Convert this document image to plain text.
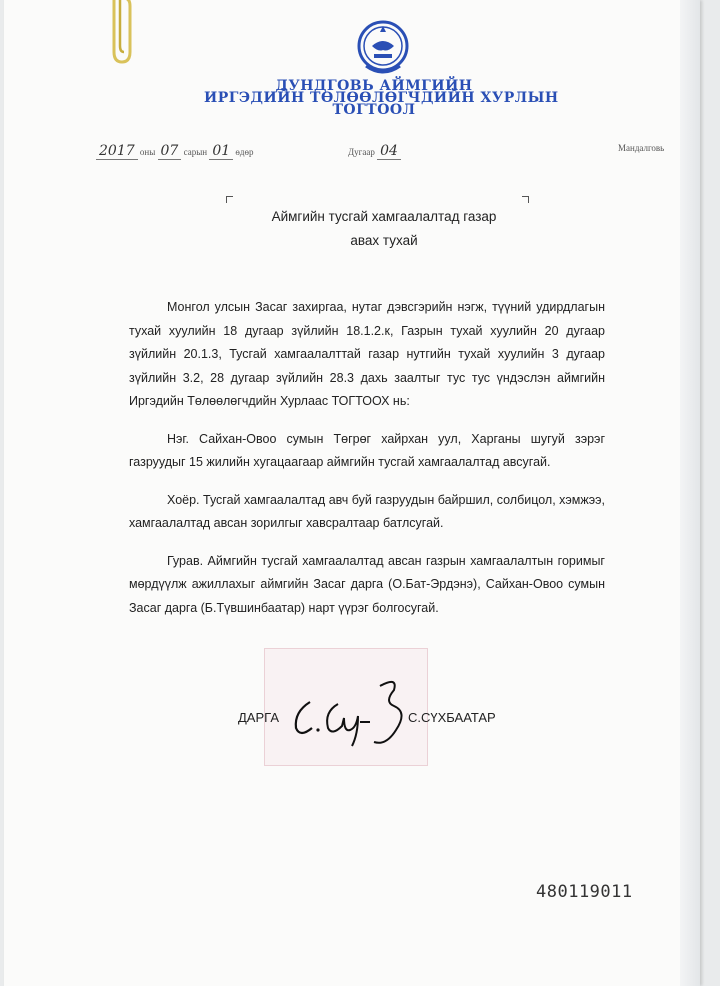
ДУНДГОВЬ АЙМГИЙН
ИРГЭДИЙН ТӨЛӨӨЛӨГЧДИЙН ХУРЛЫН
ТОГТООЛ
2017 оны 07 сарын 01 өдөр	Дугаар 04	Мандалговь
Аймгийн тусгай хамгаалалтад газар
авах тухай

Монгол улсын Засаг захиргаа, нутаг дэвсгэрийн нэгж, түүний удирдлагын тухай хуулийн 18 дугаар зүйлийн 18.1.2.к, Газрын тухай хуулийн 20 дугаар зүйлийн 20.1.3, Тусгай хамгаалалттай газар нутгийн тухай хуулийн 3 дугаар зүйлийн 3.2, 28 дугаар зүйлийн 28.3 дахь заалтыг тус тус үндэслэн аймгийн Иргэдийн Төлөөлөгчдийн Хурлаас ТОГТООХ нь:

Нэг. Сайхан-Овоо сумын Төгрөг хайрхан уул, Харганы шугуй зэрэг газруудыг 15 жилийн хугацаагаар аймгийн тусгай хамгаалалтад авсугай.

Хоёр. Тусгай хамгаалалтад авч буй газруудын байршил, солбицол, хэмжээ, хамгаалалтад авсан зорилгыг хавсралтаар батлсугай.

Гурав. Аймгийн тусгай хамгаалалтад авсан газрын хамгаалалтын горимыг мөрдүүлж ажиллахыг аймгийн Засаг дарга (О.Бат-Эрдэнэ), Сайхан-Овоо сумын Засаг дарга (Б.Түвшинбаатар) нарт үүрэг болгосугай.

ДАРГА	С.СҮХБААТАР
480119011
